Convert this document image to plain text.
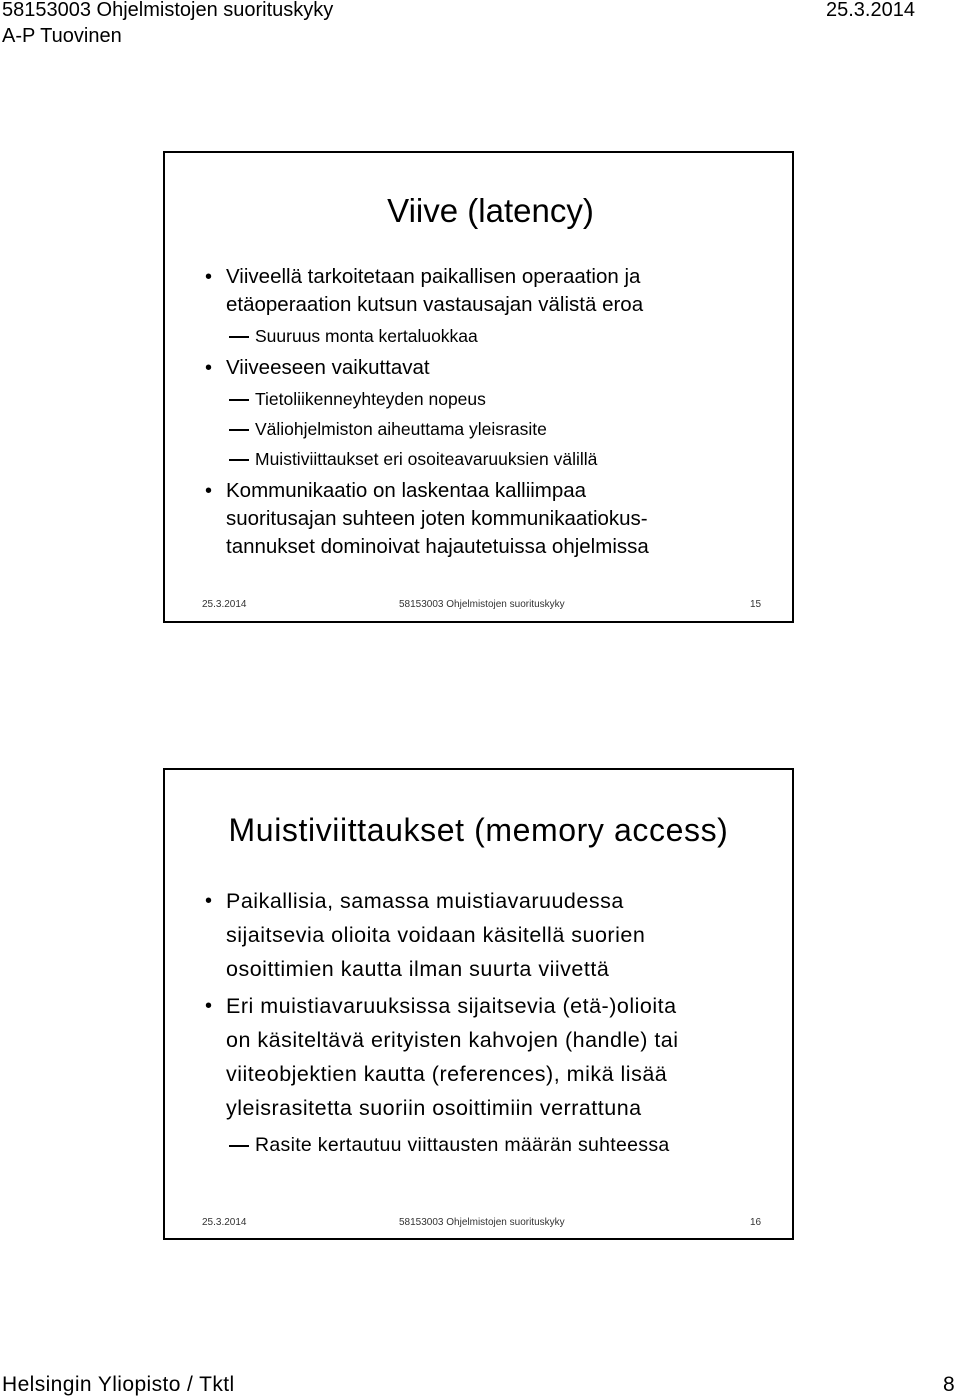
58153003 Ohjelmistojen suorituskyky	25.3.2014
A-P Tuovinen
Viive (latency)
• Viiveellä tarkoitetaan paikallisen operaation ja
etäoperaation kutsun vastausajan välistä eroa
Suuruus monta kertaluokkaa
• Viiveeseen vaikuttavat
Tietoliikenneyhteyden nopeus
Väliohjelmiston aiheuttama yleisrasite
Muistiviittaukset eri osoiteavaruuksien välillä
• Kommunikaatio on laskentaa kalliimpaa
suoritusajan suhteen joten kommunikaatiokus-
tannukset dominoivat hajautetuissa ohjelmissa
25.3.2014	58153003 Ohjelmistojen suorituskyky	15
Muistiviittaukset (memory access)
• Paikallisia, samassa muistiavaruudessa
sijaitsevia olioita voidaan käsitellä suorien
osoittimien kautta ilman suurta viivettä
• Eri muistiavaruuksissa sijaitsevia (etä-)olioita
on käsiteltävä erityisten kahvojen (handle) tai
viiteobjektien kautta (references), mikä lisää
yleisrasitetta suoriin osoittimiin verrattuna
Rasite kertautuu viittausten määrän suhteessa
25.3.2014	58153003 Ohjelmistojen suorituskyky	16
Helsingin Yliopisto / Tktl	8
